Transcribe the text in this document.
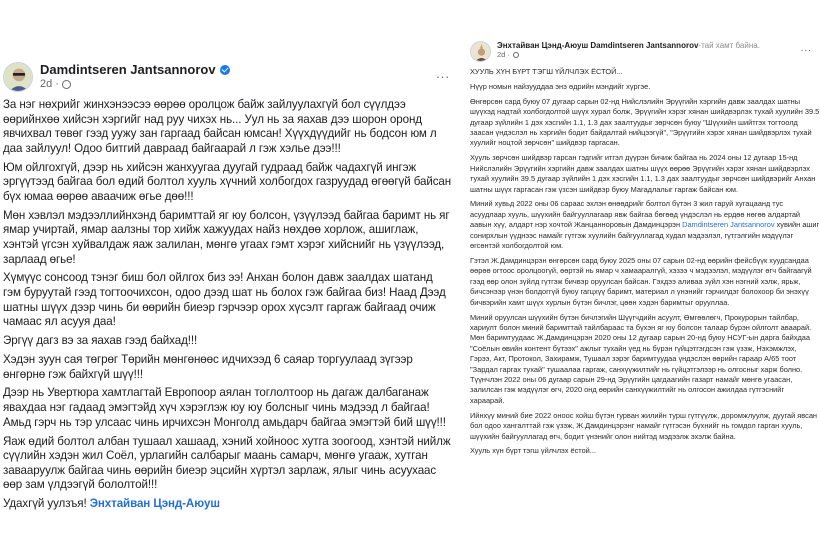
Damdintseren Jantsannorov
2d ·
...

За нэг нөхрийг жинхэнээсээ өөрөө оролцож байж зайлуулахгүй бол сүүлдээ өөрийнхөө хийсэн хэргийг над руу чихэх нь... Уул нь за яахав дээ шорон оронд явчихвал төвөг гээд уужу зан гаргаад байсан юмсан! Хүүхдүүдийг нь бодсон юм л даа зайлуул! Одоо битгий давраад байгаарай л гэж хэлье дээ!!!

Юм ойлгохгүй, дээр нь хийсэн жанхуугаа дуугай гудраад байж чадахгүй ингэж эргүүтээд байгаа бол өдий болтол хууль хүчний холбогдох газруудад өгөөгүй байсан бүх юмаа өөрөө аваачиж өгье дөө!!!

Мөн хэвлэл мэдээллийнхэнд баримттай яг юу болсон, үзүүлээд байгаа баримт нь яг ямар учиртай, ямар аалзны тор хийж хажуудах найз нөхдөө хорлож, ашиглаж, хэнтэй үгсэн хуйвалдаж яаж залилан, мөнгө угаах гэмт хэрэг хийснийг нь үзүүлээд, зарлаад өгье!

Хүмүүс сонсоод тэнэг биш бол ойлгох биз ээ! Анхан болон давж заалдах шатанд гэм буруутай гээд тогтоочихсон, одоо дээд шат нь болох гэж байгаа биз! Наад Дээд шатны шүүх дээр чинь би өөрийн биеэр гэрчээр орох хүсэлт гаргаж байгаад очиж чамаас ял асууя даа!

Эргүү дагз вэ за яахав гээд байхад!!!

Хэдэн зуун сая төгрөг Төрийн мөнгөнөөс идчихээд 6 саяар торгуулаад зүгээр өнгөрнө гэж байхгүй шүү!!!

Дээр нь Увертюра хамтлагтай Европоор аялан тоглолтоор нь дагаж далбаганаж явахдаа нэг гадаад эмэгтэйд хүч хэрэглэж юу юу болсныг чинь мэдээд л байгаа! Амьд гэрч нь тэр улсаас чинь ирчихсэн Монголд амьдарч байгаа эмэгтэй бий шүү!!!

Яаж өдий болтол албан тушаал хашаад, хэний хойноос хутга зоогоод, хэнтэй нийлж сүүлийн хэдэн жил Соёл, урлагийн салбарыг маань самарч, мөнгө угааж, хутган завааруулж байгаа чинь өөрийн биеэр эцсийн хүртэл зарлаж, ялыг чинь асуухаас өөр зам үлдээгүй бололтой!!!

Удахгүй уулзъя! Энхтайван Цэнд-Аюуш

Энхтайван Цэнд-Аюуш Damdintseren Jantsannorov -тай хамт байна.
2d ·
...

ХУУЛЬ ХҮН БҮРТ ТЭГШ ҮЙЛЧЛЭХ ЁСТОЙ...

Нүүр номын найзууддаа энэ өдрийн мэндийг хүргэе.

Өнгөрсөн сард буюу 07 дугаар сарын 02-нд Нийслэлийн Эрүүгийн хэргийн давж заалдах шатны шүүхэд надтай холбогдолтой шүүх хурал болж, Эрүүгийн хэрэг хянан шийдвэрлэх тухай хуулийн 39.5 дугаар зүйлийн 1 дэх хэсгийн 1.1, 1.3 дах заалтуудыг зөрчсөн буюу "Шүүхийн шийтгэх тогтоолд заасан үндэслэл нь хэргийн бодит байдалтай нийцээгүй", "Эрүүгийн хэрэг хянан шийдвэрлэх тухай хуулийг ноцтой зөрчсөн" шийдвэр гаргасан.

Хууль зөрчсөн шийдвэр гарсан гэдгийг итгэл дүүрэн бичиж байгаа нь 2024 оны 12 дугаар 15-нд Нийслэлийн Эрүүгийн хэргийн давж заалдах шатны шүүх өөрөө Эрүүгийн хэрэг хянан шийдвэрлэх тухай хуулийн 39.5 дугаар зүйлийн 1 дэх хэсгийн 1.1, 1.3 дах заалтуудыг зөрчсөн шийдвэрийг Анхан шатны шүүх гаргасан гэж үзсэн шийдвэр буюу Магадлалыг гаргаж байсан юм.

Миний хувьд 2022 оны 06 сараас эхлэн өнөөдрийг болтол бүтэн 3 жил гаруй хугацаанд тус асуудлаар хууль, шүүхийн байгууллагаар явж байгаа бөгөөд үндэслэл нь ердөө нөгөө алдартай аавын хүү, алдарт нэр хочтой Жанцанноровын Дамдинцэрэн Damdintseren Jantsannorov хувийн ашиг сонирхлын үүднээс намайг гүтгэж хуулийн байгууллагад худал мэдээлэл, гүтгэлгийн мэдүүлэг өгсөнтэй холбогдолтой юм.

Гэтэл Ж.Дамдинцэрэн өнгөрсөн сард буюу 2025 оны 07 сарын 02-нд өөрийн фейсбүүк хуудсандаа өөрөө огтоос оролцоогүй, өөртэй нь ямар ч хамааралгүй, хэзээ ч мэдээлэл, мэдүүлэг өгч байгаагүй гээд өөр олон зүйлд гүтгэж бичвэр оруулсан байсан. Гэхдээ аливаа зүйл хэн нэгний хэлж, ярьж, бичсэнээр үнэн болдоггүй буюу гагцхүү баримт, материал л үнэнийг гэрчилдэг болохоор би энэхүү бичвэрийн хамт шүүх хурлын бүтэн бичлэг, цөөн хэдэн баримтыг орууллаа.

Миний оруулсан шүүхийн бүтэн бичлэгийн Шүүгчдийн асуулт, Өмгөөлөгч, Прокурорын тайлбар, хариулт болон миний баримттай тайлбараас та бүхэн яг юу болсон талаар бүрэн ойлголт аваарай. Мөн баримтуудаас Ж.Дамдинцэрэн 2020 оны 12 дугаар сарын 20-нд буюу НСУГ-ын дарга байхдаа "Соёлын өвийн контент бүтээх" ажлыг тухайн үед нь бүрэн гүйцэтгэгдсэн гэж үзэж, Нэхэмжлэх, Гэрээ, Акт, Протокол, Захирамж, Тушаал зэрэг баримтуудаа үндэслэн өөрийн гараар А/65 тоот "Зардал гаргах тухай" тушаалаа гаргаж, санхүүжилтийг нь гүйцэтгэлээр нь олгосныг харж болно. Түүнчлэн 2022 оны 06 дугаар сарын 29-нд Эрүүгийн цагдаагийн газарт намайг мөнгө угаасан, залилсан гэж мэдүүлэг өгч, 2020 онд өөрийн санхүүжилтийг нь олгосон ажилдаа гүтгэснийг хараарай.

Ийнхүү миний бие 2022 оноос хойш бүтэн гурван жилийн турш гүтгүүлж, доромжлуулж, дуугай явсан бол одоо хангалттай гэж үзэж, Ж.Дамдинцэрэнг намайг гүтгэсэн бүхнийг нь гомдол гарган хууль, шүүхийн байгууллагад өгч, бодит үнэнийг олон нийтэд мэдээлж эхэлж байна.

Хууль хүн бүрт тэгш үйлчлэх ёстой...
